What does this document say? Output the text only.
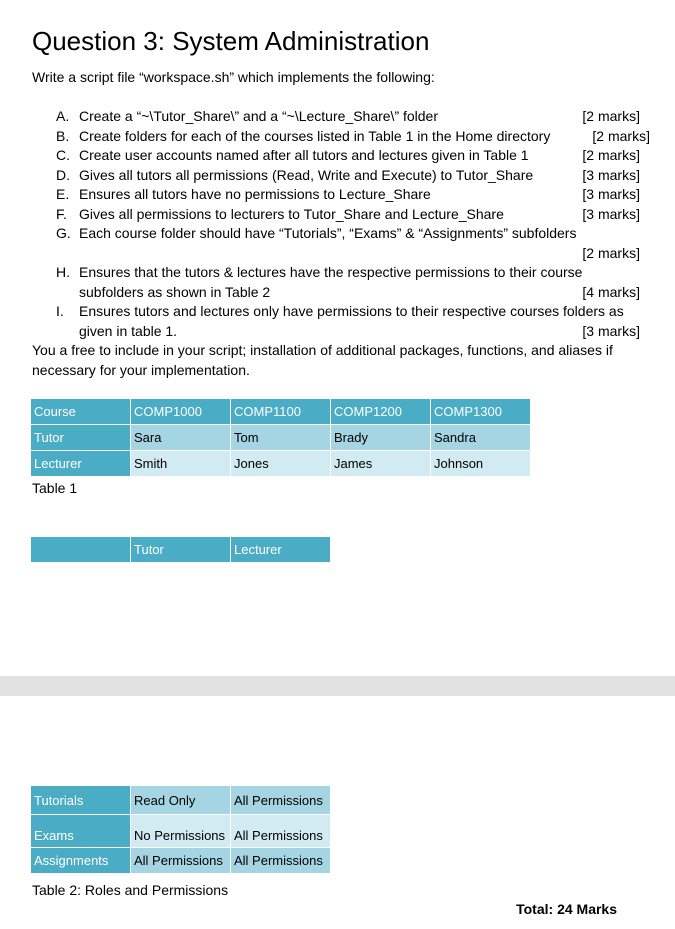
Question 3: System Administration
Write a script file “workspace.sh” which implements the following:
A. Create a “~\Tutor_Share\” and a “~\Lecture_Share\” folder	[2 marks]
B. Create folders for each of the courses listed in Table 1 in the Home directory	[2 marks]
C. Create user accounts named after all tutors and lectures given in Table 1	[2 marks]
D. Gives all tutors all permissions (Read, Write and Execute) to Tutor_Share	[3 marks]
E. Ensures all tutors have no permissions to Lecture_Share	[3 marks]
F. Gives all permissions to lecturers to Tutor_Share and Lecture_Share	[3 marks]
G. Each course folder should have “Tutorials”, “Exams” & “Assignments” subfolders
[2 marks]
H. Ensures that the tutors & lectures have the respective permissions to their course
subfolders as shown in Table 2	[4 marks]
I. Ensures tutors and lectures only have permissions to their respective courses folders as
given in table 1.	[3 marks]
You a free to include in your script; installation of additional packages, functions, and aliases if necessary for your implementation.
Course	COMP1000	COMP1100	COMP1200	COMP1300
Tutor	Sara	Tom	Brady	Sandra
Lecturer	Smith	Jones	James	Johnson
Table 1
	Tutor	Lecturer
Tutorials	Read Only	All Permissions
Exams	No Permissions	All Permissions
Assignments	All Permissions	All Permissions
Table 2: Roles and Permissions
Total: 24 Marks
